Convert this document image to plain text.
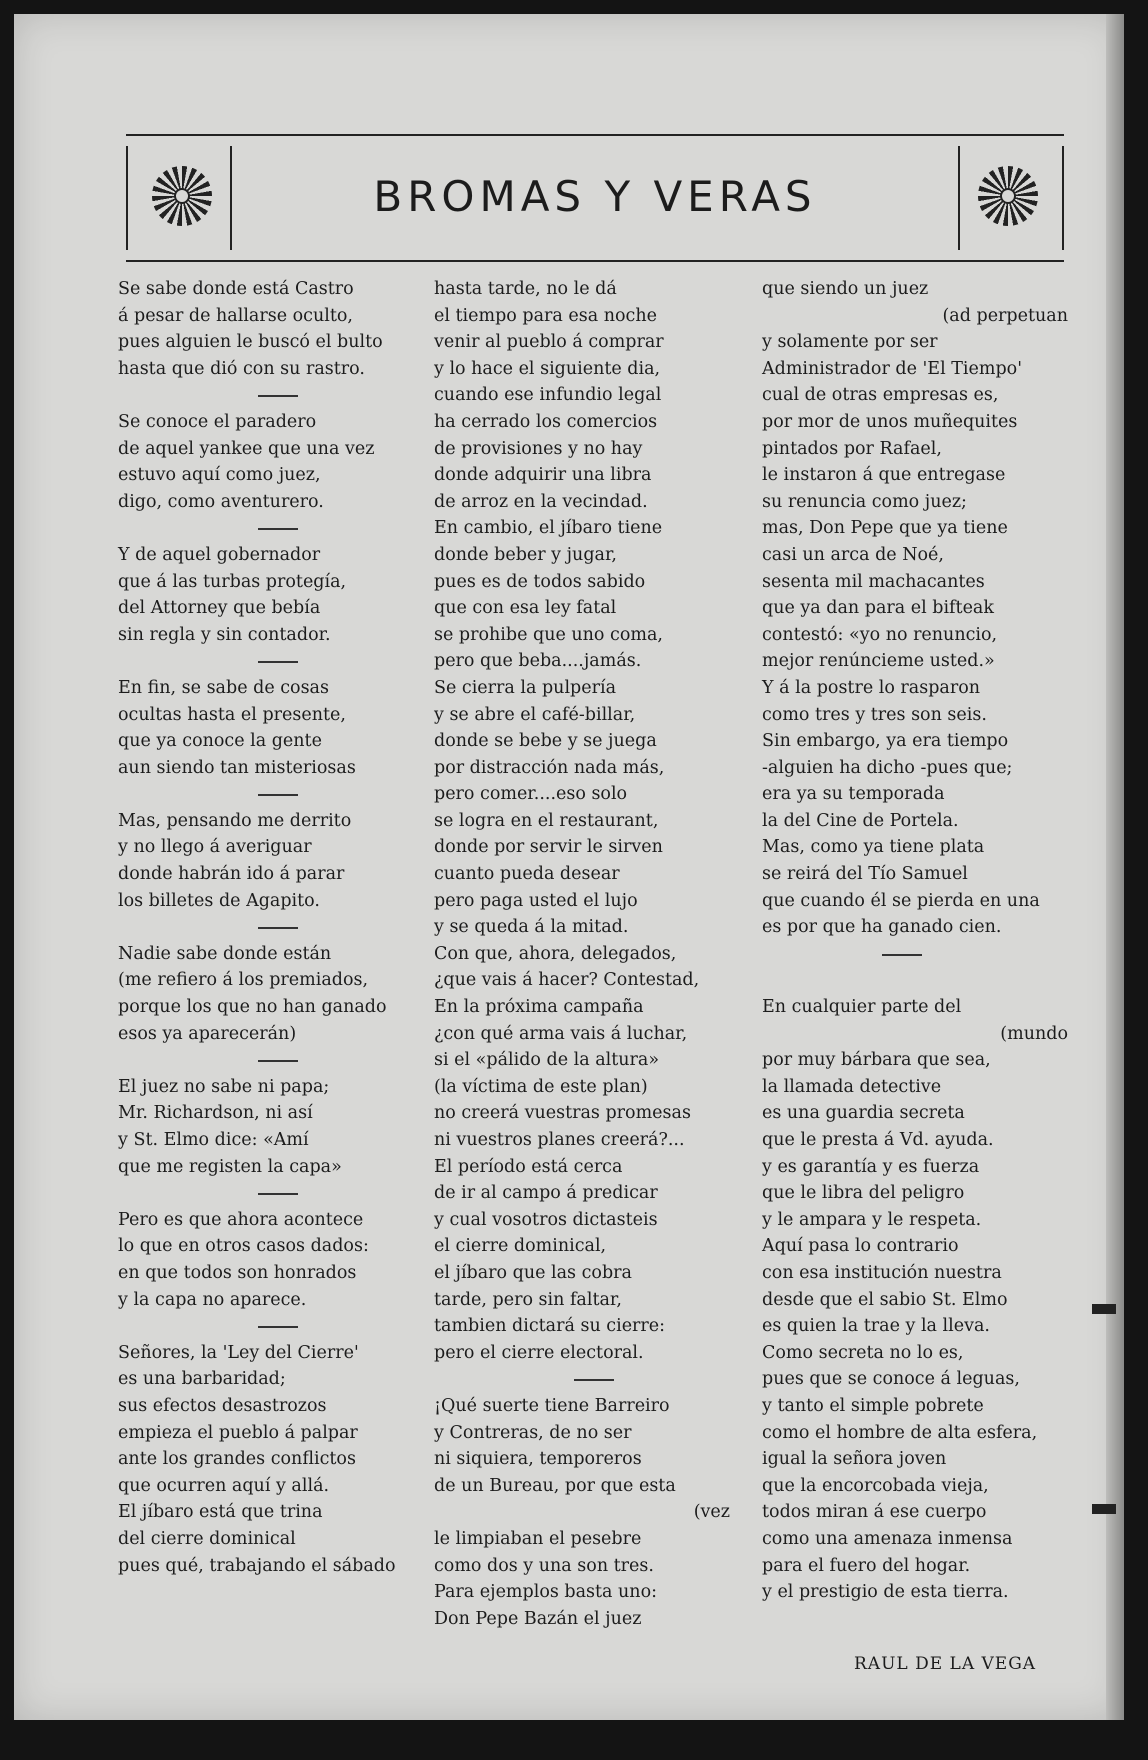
BROMAS Y VERAS
Se sabe donde está Castro
á pesar de hallarse oculto,
pues alguien le buscó el bulto
hasta que dió con su rastro.
Se conoce el paradero
de aquel yankee que una vez
estuvo aquí como juez,
digo, como aventurero.
Y de aquel gobernador
que á las turbas protegía,
del Attorney que bebía
sin regla y sin contador.
En fin, se sabe de cosas
ocultas hasta el presente,
que ya conoce la gente
aun siendo tan misteriosas
Mas, pensando me derrito
y no llego á averiguar
donde habrán ido á parar
los billetes de Agapito.
Nadie sabe donde están
(me refiero á los premiados,
porque los que no han ganado
esos ya aparecerán)
El juez no sabe ni papa;
Mr. Richardson, ni así
y St. Elmo dice: «Amí
que me registen la capa»
Pero es que ahora acontece
lo que en otros casos dados:
en que todos son honrados
y la capa no aparece.
Señores, la 'Ley del Cierre'
es una barbaridad;
sus efectos desastrozos
empieza el pueblo á palpar
ante los grandes conflictos
que ocurren aquí y allá.
El jíbaro está que trina
del cierre dominical
pues qué, trabajando el sábado
hasta tarde, no le dá
el tiempo para esa noche
venir al pueblo á comprar
y lo hace el siguiente dia,
cuando ese infundio legal
ha cerrado los comercios
de provisiones y no hay
donde adquirir una libra
de arroz en la vecindad.
En cambio, el jíbaro tiene
donde beber y jugar,
pues es de todos sabido
que con esa ley fatal
se prohibe que uno coma,
pero que beba....jamás.
Se cierra la pulpería
y se abre el café-billar,
donde se bebe y se juega
por distracción nada más,
pero comer....eso solo
se logra en el restaurant,
donde por servir le sirven
cuanto pueda desear
pero paga usted el lujo
y se queda á la mitad.
Con que, ahora, delegados,
¿que vais á hacer? Contestad,
En la próxima campaña
¿con qué arma vais á luchar,
si el «pálido de la altura»
(la víctima de este plan)
no creerá vuestras promesas
ni vuestros planes creerá?...
El período está cerca
de ir al campo á predicar
y cual vosotros dictasteis
el cierre dominical,
el jíbaro que las cobra
tarde, pero sin faltar,
tambien dictará su cierre:
pero el cierre electoral.
¡Qué suerte tiene Barreiro
y Contreras, de no ser
ni siquiera, temporeros
de un Bureau, por que esta
(vez
le limpiaban el pesebre
como dos y una son tres.
Para ejemplos basta uno:
Don Pepe Bazán el juez
que siendo un juez
(ad perpetuan
y solamente por ser
Administrador de 'El Tiempo'
cual de otras empresas es,
por mor de unos muñequites
pintados por Rafael,
le instaron á que entregase
su renuncia como juez;
mas, Don Pepe que ya tiene
casi un arca de Noé,
sesenta mil machacantes
que ya dan para el bifteak
contestó: «yo no renuncio,
mejor renúncieme usted.»
Y á la postre lo rasparon
como tres y tres son seis.
Sin embargo, ya era tiempo
-alguien ha dicho -pues que;
era ya su temporada
la del Cine de Portela.
Mas, como ya tiene plata
se reirá del Tío Samuel
que cuando él se pierda en una
es por que ha ganado cien.
En cualquier parte del
(mundo
por muy bárbara que sea,
la llamada detective
es una guardia secreta
que le presta á Vd. ayuda.
y es garantía y es fuerza
que le libra del peligro
y le ampara y le respeta.
Aquí pasa lo contrario
con esa institución nuestra
desde que el sabio St. Elmo
es quien la trae y la lleva.
Como secreta no lo es,
pues que se conoce á leguas,
y tanto el simple pobrete
como el hombre de alta esfera,
igual la señora joven
que la encorcobada vieja,
todos miran á ese cuerpo
como una amenaza inmensa
para el fuero del hogar.
y el prestigio de esta tierra.
RAUL DE LA VEGA
